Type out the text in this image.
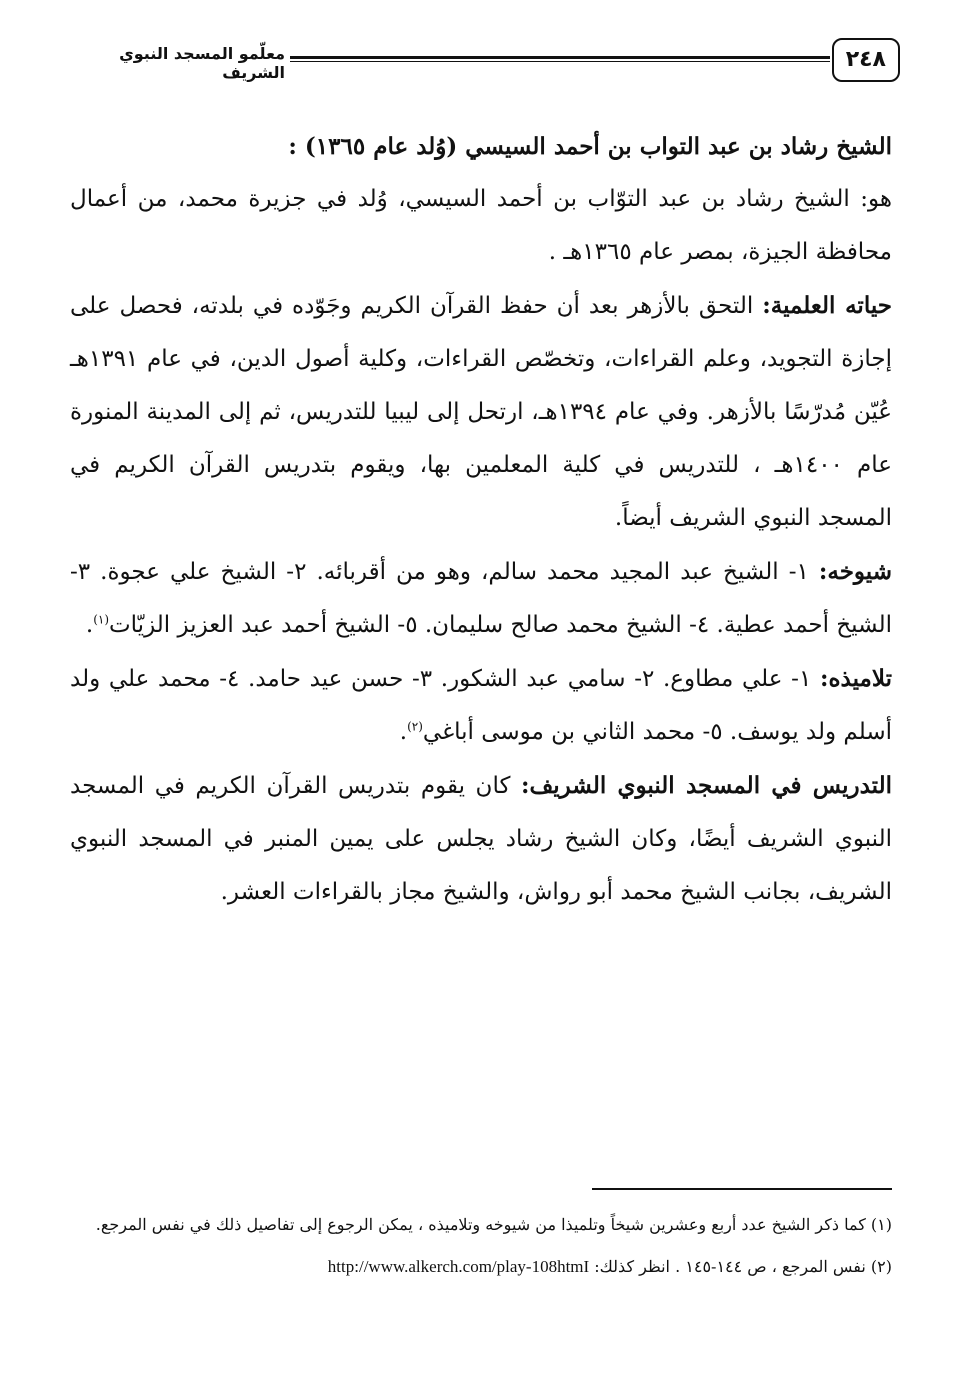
٢٤٨
معلّمو المسجد النبوي الشريف

الشيخ رشاد بن عبد التواب بن أحمد السيسي (وُلد عام ١٣٦٥) :

هو: الشيخ رشاد بن عبد التوّاب بن أحمد السيسي، وُلد في جزيرة محمد، من أعمال محافظة الجيزة، بمصر عام ١٣٦٥هـ .

حياته العلمية: التحق بالأزهر بعد أن حفظ القرآن الكريم وجَوّده في بلدته، فحصل على إجازة التجويد، وعلم القراءات، وتخصّص القراءات، وكلية أصول الدين، في عام ١٣٩١هـ عُيّن مُدرّسًا بالأزهر. وفي عام ١٣٩٤هـ، ارتحل إلى ليبيا للتدريس، ثم إلى المدينة المنورة عام ١٤٠٠هـ ، للتدريس في كلية المعلمين بها، ويقوم بتدريس القرآن الكريم في المسجد النبوي الشريف أيضاً.

شيوخه: ١- الشيخ عبد المجيد محمد سالم، وهو من أقربائه. ٢- الشيخ علي عجوة. ٣- الشيخ أحمد عطية. ٤- الشيخ محمد صالح سليمان. ٥- الشيخ أحمد عبد العزيز الزيّات$^{(١)}$.

تلاميذه: ١- علي مطاوع. ٢- سامي عبد الشكور. ٣- حسن عيد حامد. ٤- محمد علي ولد أسلم ولد يوسف. ٥- محمد الثاني بن موسى أباغي$^{(٢)}$.

التدريس في المسجد النبوي الشريف: كان يقوم بتدريس القرآن الكريم في المسجد النبوي الشريف أيضًا، وكان الشيخ رشاد يجلس على يمين المنبر في المسجد النبوي الشريف، بجانب الشيخ محمد أبو رواش، والشيخ مجاز بالقراءات العشر.

(١) كما ذكر الشيخ عدد أربع وعشرين شيخاً وتلميذا من شيوخه وتلاميذه ، يمكن الرجوع إلى تفاصيل ذلك في نفس المرجع.

(٢) نفس المرجع ، ص ١٤٤-١٤٥ . انظر كذلك: http://www.alkerch.com/play-108htmI
